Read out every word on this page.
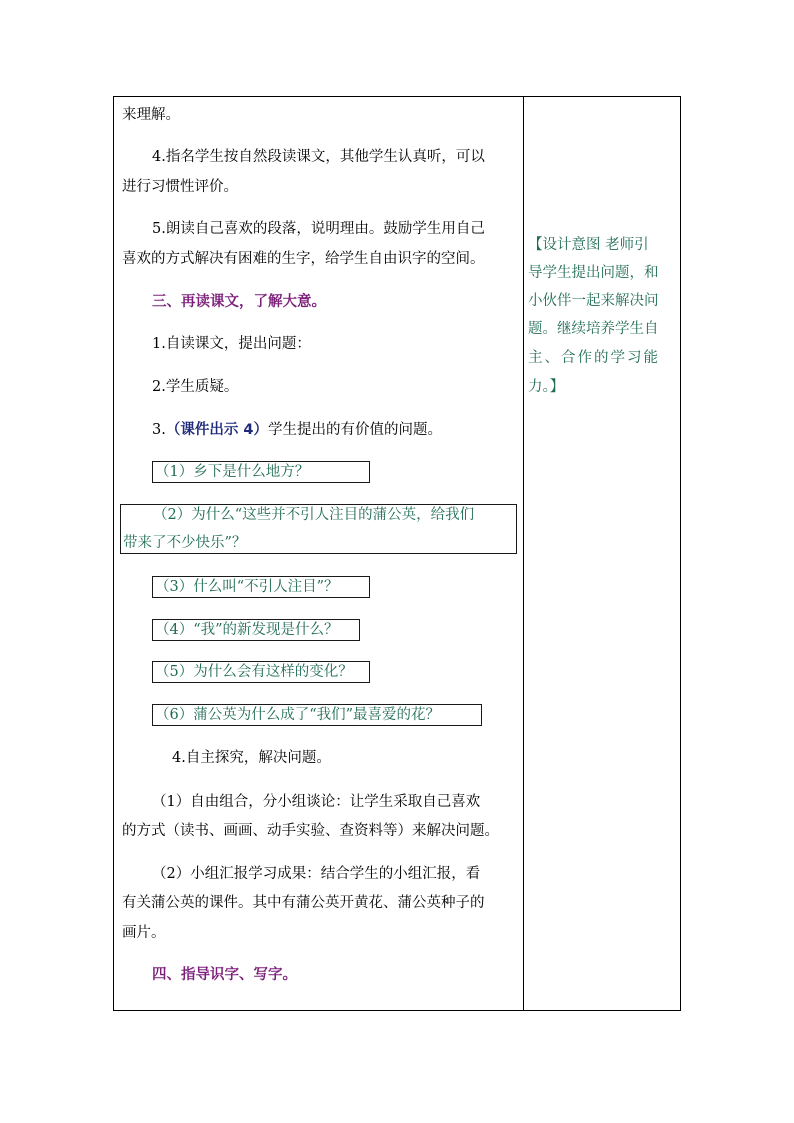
来理解。
4.指名学生按自然段读课文，其他学生认真听，可以
进行习惯性评价。
5.朗读自己喜欢的段落，说明理由。鼓励学生用自己
喜欢的方式解决有困难的生字，给学生自由识字的空间。
三、再读课文，了解大意。
1.自读课文，提出问题：
2.学生质疑。
3.（课件出示 4）学生提出的有价值的问题。
（1）乡下是什么地方？
（2）为什么“这些并不引人注目的蒲公英，给我们
带来了不少快乐”？
（3）什么叫“不引人注目”？
（4）“我”的新发现是什么？
（5）为什么会有这样的变化？
（6）蒲公英为什么成了“我们”最喜爱的花？
4.自主探究，解决问题。
（1）自由组合，分小组谈论：让学生采取自己喜欢
的方式（读书、画画、动手实验、查资料等）来解决问题。
（2）小组汇报学习成果：结合学生的小组汇报，看
有关蒲公英的课件。其中有蒲公英开黄花、蒲公英种子的
画片。
四、指导识字、写字。
【设计意图 老师引
导学生提出问题，和
小伙伴一起来解决问
题。继续培养学生自
主、合作的学习能
力。】
